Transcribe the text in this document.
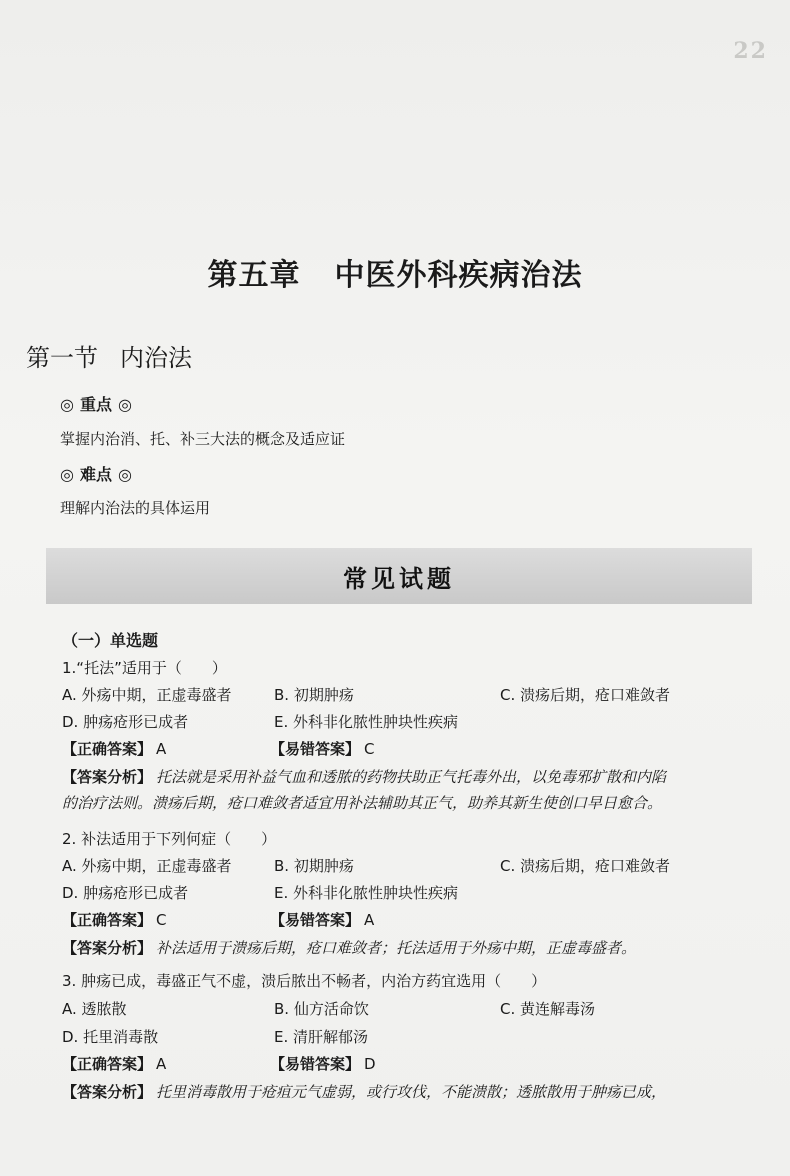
22
第五章 中医外科疾病治法
第一节 内治法
◎ 重点 ◎
掌握内治消、托、补三大法的概念及适应证
◎ 难点 ◎
理解内治法的具体运用
常见试题
（一）单选题
1.“托法”适用于（　　）
A. 外疡中期，正虚毒盛者	B. 初期肿疡	C. 溃疡后期，疮口难敛者
D. 肿疡疮形已成者	E. 外科非化脓性肿块性疾病
【正确答案】 A	【易错答案】 C
【答案分析】 托法就是采用补益气血和透脓的药物扶助正气托毒外出，以免毒邪扩散和内陷
的治疗法则。溃疡后期，疮口难敛者适宜用补法辅助其正气，助养其新生使创口早日愈合。
2. 补法适用于下列何症（　　）
A. 外疡中期，正虚毒盛者	B. 初期肿疡	C. 溃疡后期，疮口难敛者
D. 肿疡疮形已成者	E. 外科非化脓性肿块性疾病
【正确答案】 C	【易错答案】 A
【答案分析】 补法适用于溃疡后期，疮口难敛者；托法适用于外疡中期，正虚毒盛者。
3. 肿疡已成，毒盛正气不虚，溃后脓出不畅者，内治方药宜选用（　　）
A. 透脓散	B. 仙方活命饮	C. 黄连解毒汤
D. 托里消毒散	E. 清肝解郁汤
【正确答案】 A	【易错答案】 D
【答案分析】 托里消毒散用于疮疽元气虚弱，或行攻伐，不能溃散；透脓散用于肿疡已成，
